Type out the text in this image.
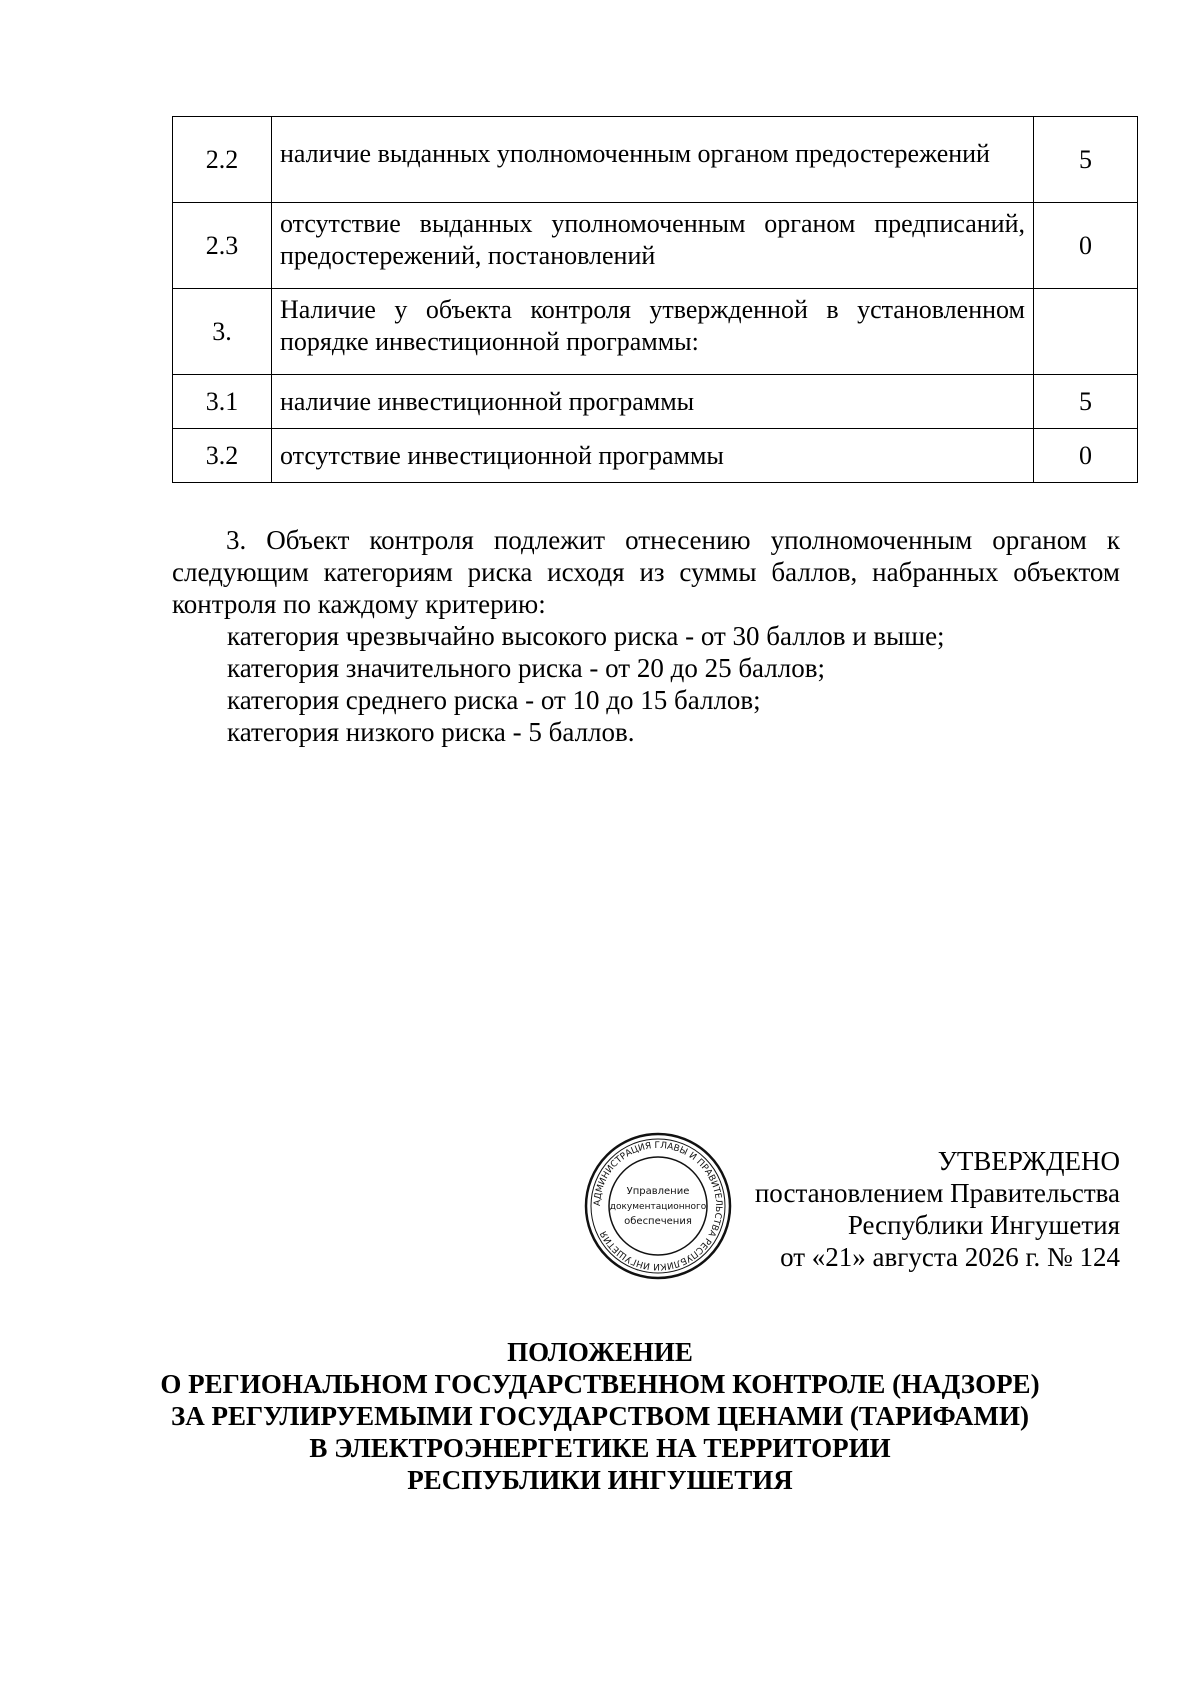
2.2	наличие выданных уполномоченным органом предостережений	5
2.3	отсутствие выданных уполномоченным органом предписаний, предостережений, постановлений	0
3.	Наличие у объекта контроля утвержденной в установленном порядке инвестиционной программы:	

3.1	наличие инвестиционной программы	5
3.2	отсутствие инвестиционной программы	0
3. Объект контроля подлежит отнесению уполномоченным органом к следующим категориям риска исходя из суммы баллов, набранных объектом контроля по каждому критерию:
категория чрезвычайно высокого риска - от 30 баллов и выше;
категория значительного риска - от 20 до 25 баллов;
категория среднего риска - от 10 до 15 баллов;
категория низкого риска - 5 баллов.
АДМИНИСТРАЦИЯ ГЛАВЫ И ПРАВИТЕЛЬСТВА РЕСПУБЛИКИ ИНГУШЕТИЯ
Управление
документационного
обеспечения
УТВЕРЖДЕНО
постановлением Правительства
Республики Ингушетия
от «21» августа 2026 г. № 124
ПОЛОЖЕНИЕ
О РЕГИОНАЛЬНОМ ГОСУДАРСТВЕННОМ КОНТРОЛЕ (НАДЗОРЕ)
ЗА РЕГУЛИРУЕМЫМИ ГОСУДАРСТВОМ ЦЕНАМИ (ТАРИФАМИ)
В ЭЛЕКТРОЭНЕРГЕТИКЕ НА ТЕРРИТОРИИ
РЕСПУБЛИКИ ИНГУШЕТИЯ
